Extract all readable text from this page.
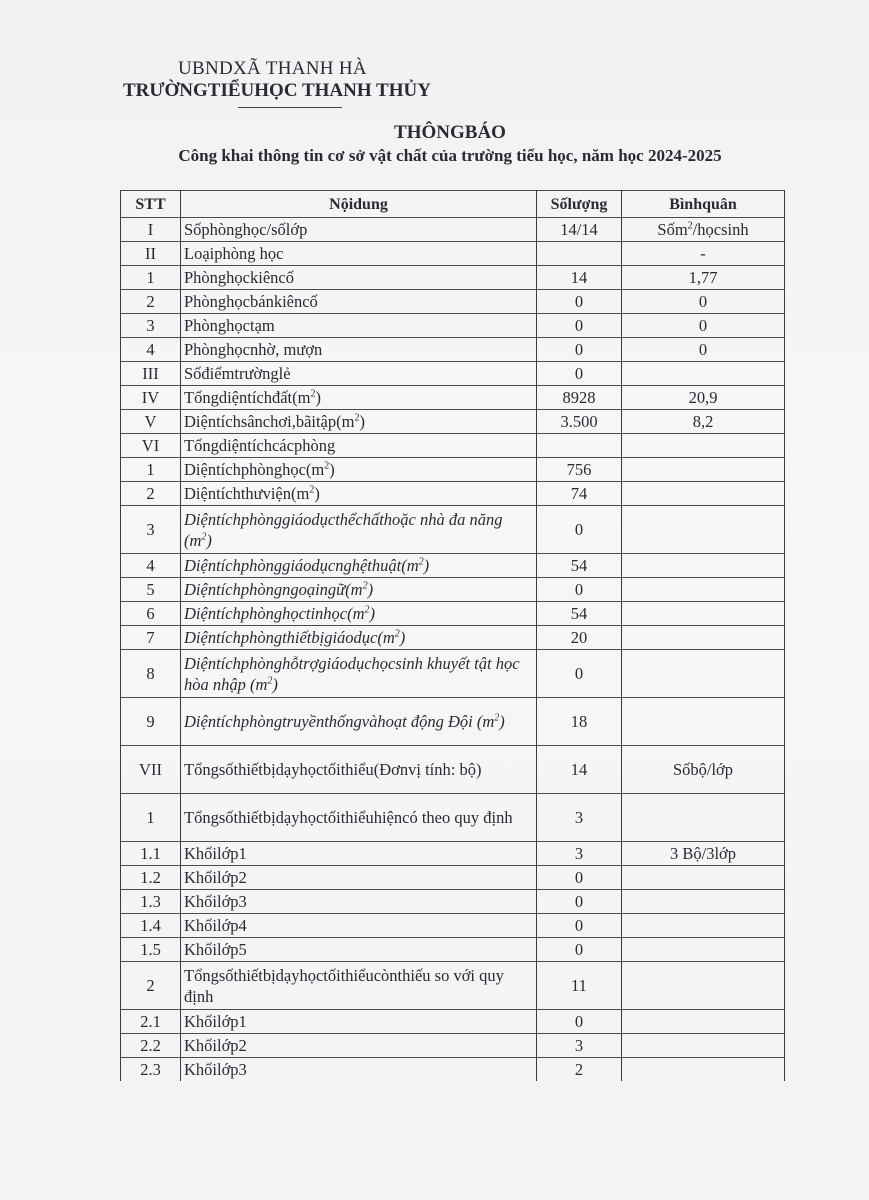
UBNDXÃ THANH HÀ
TRƯỜNGTIỂUHỌC THANH THỦY
THÔNGBÁO
Công khai thông tin cơ sở vật chất của trường tiểu học, năm học 2024-2025
STT	Nộidung	Sốlượng	Bìnhquân
I	Sốphònghọc/sốlớp	14/14	Sốm$^2$/họcsinh
II	Loạiphòng học		-
1	Phònghọckiêncố	14	1,77
2	Phònghọcbánkiêncố	0	0
3	Phònghọctạm	0	0
4	Phònghọcnhờ, mượn	0	0
III	Sốđiểmtrườnglẻ	0	
IV	$Tổngdiệntíchđất(m^2)$	8928	20,9
V	$Diệntíchsânchơi,bãitập(m^2)$	3.500	8,2
VI	Tổngdiệntíchcácphòng		
1	$Diệntíchphònghọc(m^2)$	756	
2	$Diệntíchthưviện(m^2)$	74	
3	Diệntíchphònggiáodụcthểchấthoặc nhà đa năng $(m^2)$	0	
4	$Diệntíchphònggiáodụcnghệthuật(m^2)$	54	
5	$Diệntíchphòngngoạingữ(m^2)$	0	
6	$Diệntíchphònghọctinhọc(m^2)$	54	
7	$Diệntíchphòngthiếtbịgiáodục(m^2)$	20	
8	Diệntíchphònghỗtrợgiáodụchọcsinh khuyết tật học hòa nhập $(m^2)$	0	
9	Diệntíchphòngtruyềnthốngvàhoạt động Đội $(m^2)$	18	
VII	Tổngsốthiếtbịdạyhọctốithiểu(Đơnvị tính: bộ)	14	Sốbộ/lớp
1	Tổngsốthiếtbịdạyhọctốithiểuhiệncó theo quy định	3	
1.1	Khốilớp1	3	3 Bộ/3lớp
1.2	Khốilớp2	0	
1.3	Khốilớp3	0	
1.4	Khốilớp4	0	
1.5	Khốilớp5	0	
2	Tổngsốthiếtbịdạyhọctốithiểucònthiếu so với quy định	11	
2.1	Khốilớp1	0	
2.2	Khốilớp2	3	
2.3	Khốilớp3	2	
